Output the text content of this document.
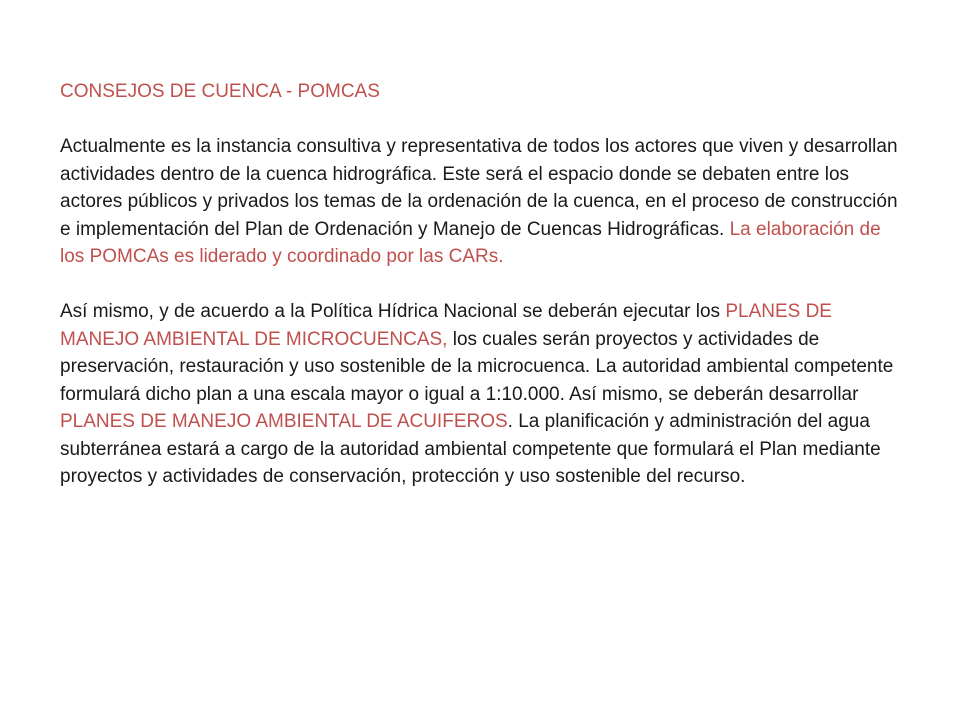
CONSEJOS DE CUENCA - POMCAS

Actualmente es la instancia consultiva y representativa de todos los actores que viven y desarrollan actividades dentro de la cuenca hidrográfica. Este será el espacio donde se debaten entre los actores públicos y privados los temas de la ordenación de la cuenca, en el proceso de construcción e implementación del Plan de Ordenación y Manejo de Cuencas Hidrográficas. La elaboración de los POMCAs es liderado y coordinado por las CARs.

Así mismo, y de acuerdo a la Política Hídrica Nacional se deberán ejecutar los PLANES DE MANEJO AMBIENTAL DE MICROCUENCAS, los cuales serán proyectos y actividades de preservación, restauración y uso sostenible de la microcuenca. La autoridad ambiental competente formulará dicho plan a una escala mayor o igual a 1:10.000. Así mismo, se deberán desarrollar PLANES DE MANEJO AMBIENTAL DE ACUIFEROS. La planificación y administración del agua subterránea estará a cargo de la autoridad ambiental competente que formulará el Plan mediante proyectos y actividades de conservación, protección y uso sostenible del recurso.
